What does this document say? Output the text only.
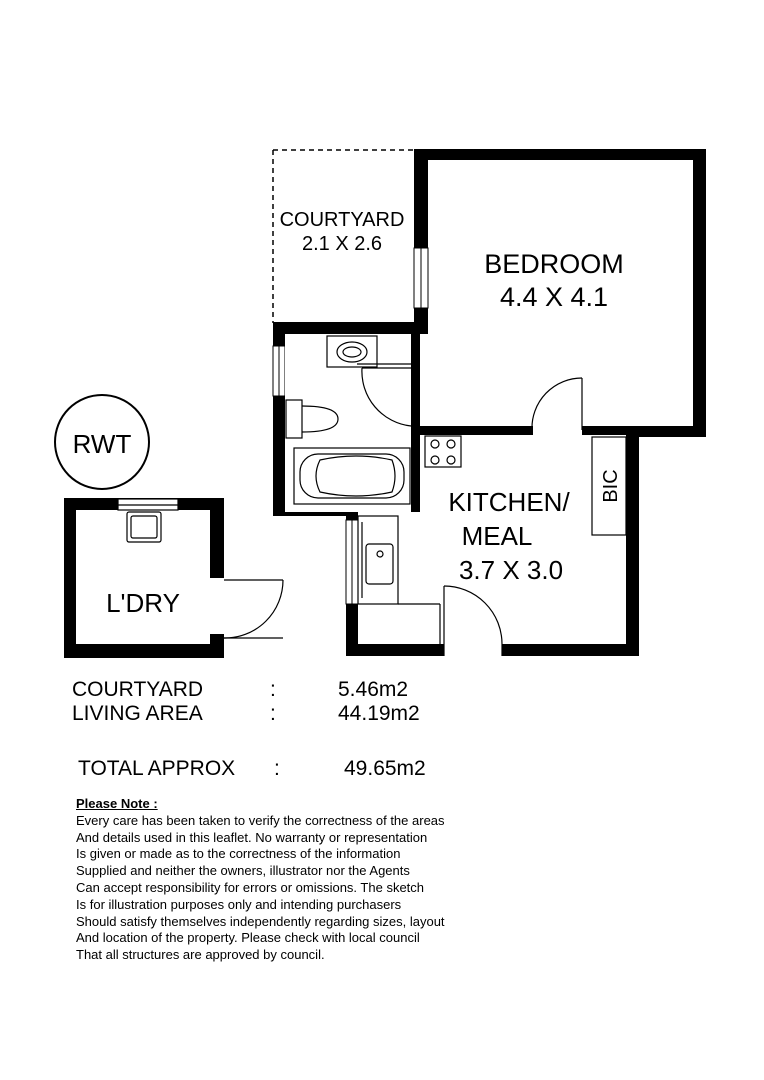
COURTYARD
2.1 X 2.6
BEDROOM
4.4 X 4.1
KITCHEN/
MEAL
3.7 X 3.0
BIC
L'DRY
RWT
COURTYARD	:	5.46m2
LIVING AREA	:	44.19m2
TOTAL APPROX :	49.65m2
Please Note :
Every care has been taken to verify the correctness of the areas
And details used in this leaflet. No warranty or representation
Is given or made as to the correctness of the information
Supplied and neither the owners, illustrator nor the Agents
Can accept responsibility for errors or omissions. The sketch
Is for illustration purposes only and intending purchasers
Should satisfy themselves independently regarding sizes, layout
And location of the property. Please check with local council
That all structures are approved by council.
